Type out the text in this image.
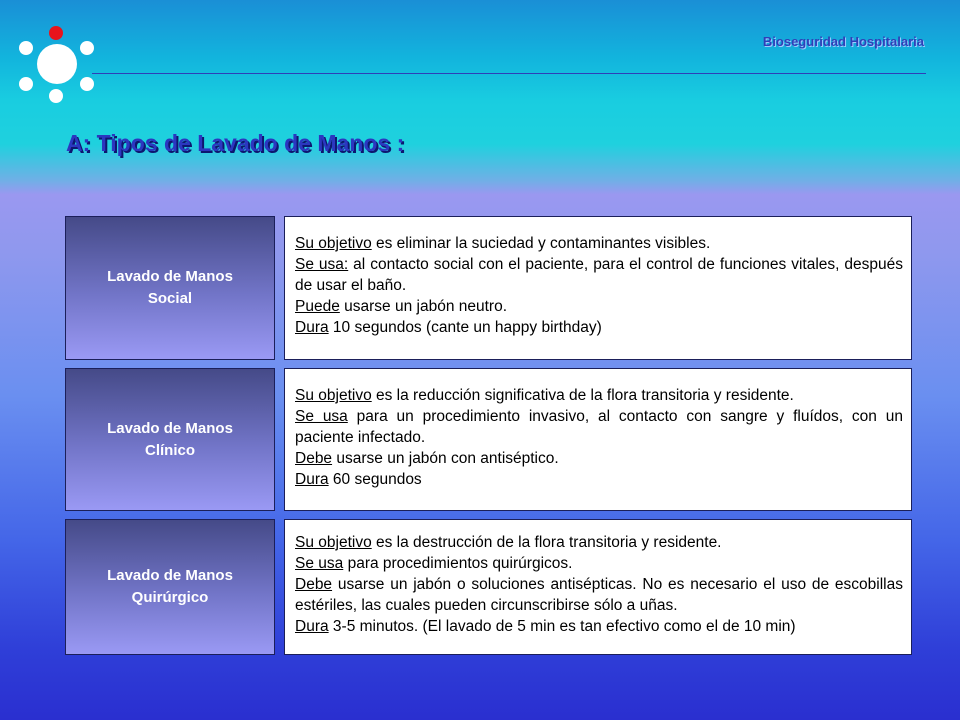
Bioseguridad Hospitalaria
A: Tipos de Lavado de Manos :
Lavado de Manos
Social

Su objetivo es eliminar la suciedad y contaminantes visibles.

Se usa: al contacto social con el paciente, para el control de funciones vitales, después de usar el baño.

Puede usarse un jabón neutro.

Dura 10 segundos (cante un happy birthday)

Lavado de Manos
Clínico

Su objetivo es la reducción significativa de la flora transitoria y residente.

Se usa para un procedimiento invasivo, al contacto con sangre y fluídos, con un paciente infectado.

Debe usarse un jabón con antiséptico.

Dura 60 segundos

Lavado de Manos
Quirúrgico

Su objetivo es la destrucción de la flora transitoria y residente.

Se usa para procedimientos quirúrgicos.

Debe usarse un jabón o soluciones antisépticas. No es necesario el uso de escobillas estériles, las cuales pueden circunscribirse sólo a uñas.

Dura 3-5 minutos. (El lavado de 5 min es tan efectivo como el de 10 min)
